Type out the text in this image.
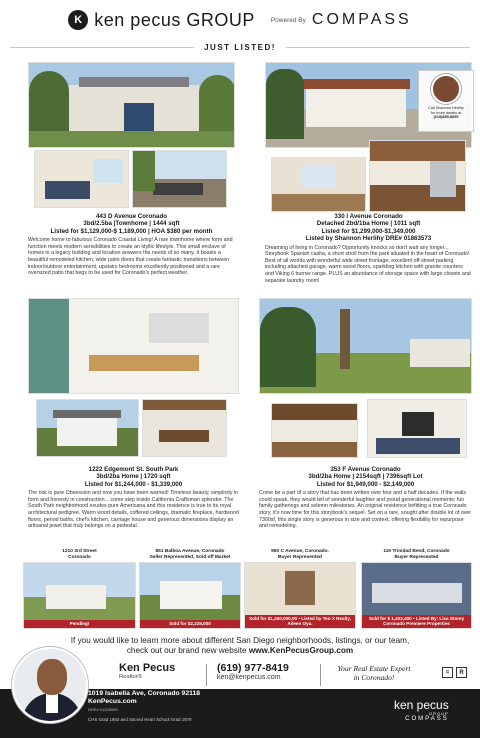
K ken pecus GROUP Powered By COMPASS
JUST LISTED!
Call Shannon Herlihy
for more details at
(619)855-8655
443 D Avenue Coronado
3bd/2.5ba |Townhome | 1444 sqft
Listed for $1,129,000-$ 1,189,000 | HOA $380 per month
Welcome home to fabulous Coronado Coastal Living! A rare townhome where form and function meets modern sensibilities to create an idyllic lifestyle. This small enclave of homes in a legacy building and location answers the needs of so many. It boasts a beautiful remodeled kitchen, wide patio doors that create fantastic transitions between indoor/outdoor entertainment, upstairs bedrooms excellently positioned and a rare oversized patio that begs to be used for Coronado's perfect weather.
330 I Avenue Coronado
Detached 2bd/1ba Home | 1011 sqft
Listed for $1,299,000-$1,349,000
Listed by Shannon Herlihy DRE# 01863573
Dreaming of living in Coronado? Opportunity knocks so don't wait any longer... Storybook Spanish casita, a short stroll from the park situated in the heart of Coronado! Best of all worlds with wonderful wide street frontage, excellent off-street parking including attached garage, warm wood floors, sparkling kitchen with granite counters and Viking 6 burner range. PLUS an abundance of storage space with large closets and separate laundry room!
1222 Edgemont St. South Park
3bd/2ba Home | 1720 sqft
Listed for $1,244,000 - $1,339,000
The risk is pure Obsession and now you have been warned! Timeless beauty, simplicity in form and honesty in construction... come step inside California Craftsman splendor. The South Park neighborhood exudes pure Americana and this residence is true to its royal architectural pedigree. Warm wood details, coffered ceilings, dramatic fireplace, hardwood floors, period baths, chef's kitchen, carriage house and generous dimensions display an artisanal jewel that truly belongs on a pedestal.
353 F Avenue Coronado
3bd/2ba Home | 2154sqft | 7396sqft Lot
Listed for $1,949,000 - $2,149,000
Come be a part of a story that has been written over four and a half decades. If the walls could speak, they would tell of wonderful laughter and proud generational moments; fun family gatherings and solemn milestones. An original residence befitting a true Coronado story, it's now time for this storybook's sequel. Set on a rare, sought after double lot of over 7300sf, this single story is generous in size and context, offering flexibility for repurpose and remodeling.
1210 3rd Street
Coronado
Pending!
851 Balboa Avenue, Coronado
Seller Represented, Sold off Market
Sold for $2,225,000
960 C Avenue, Coronado.
Buyer Represented
Sold for $1,250,000.00 • Listed by Ten X Realty, Aileen Oya.
110 Trinidad Bend, Coronado
Buyer Represented
Sold for $ 1,422,400 • Listed By: Lisa Storey Coronado Premiere Properties
If you would like to learn more about different San Diego neighborhoods, listings, or our team,
check out our brand new website www.KenPecusGroup.com
Ken Pecus
Realtor®
(619) 977-8419
ken@kenpecus.com
Your Real Estate Expert
in Coronado!
=	R
1019 Isabella Ave, Coronado 92118
KenPecus.com
DRE# 01208969
CHS Grad 1983 and Sacred Heart School Grad 1979
ken pecus
GROUP
COMPASS
